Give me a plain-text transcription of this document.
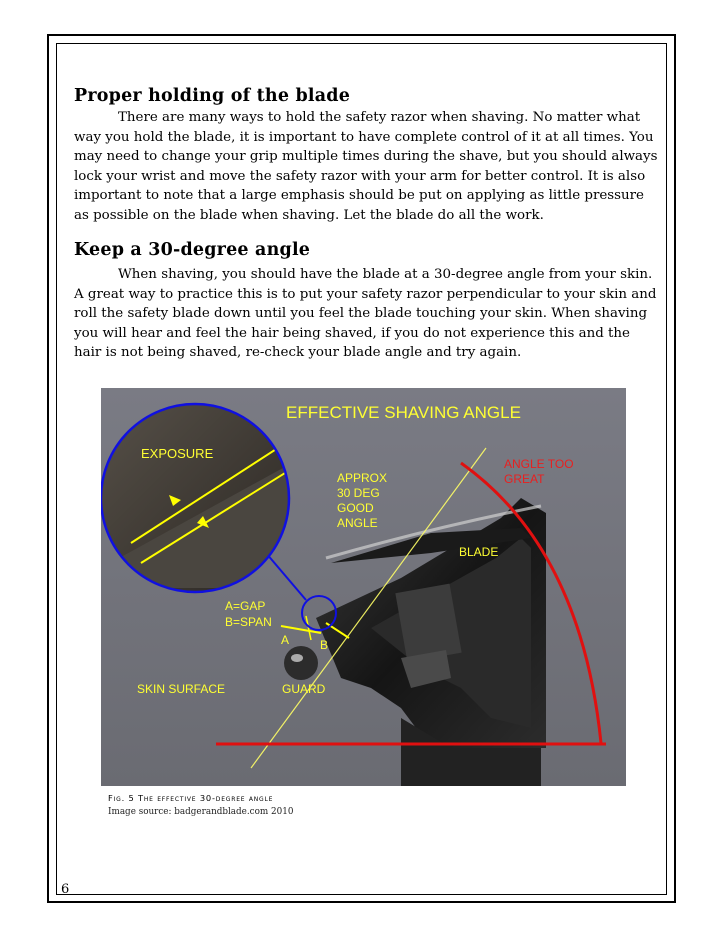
Proper holding of the blade

There are many ways to hold the safety razor when shaving. No matter what way you hold the blade, it is important to have complete control of it at all times. You may need to change your grip multiple times during the shave, but you should always lock your wrist and move the safety razor with your arm for better control. It is also important to note that a large emphasis should be put on applying as little pressure as possible on the blade when shaving. Let the blade do all the work.

Keep a 30-degree angle

When shaving, you should have the blade at a 30-degree angle from your skin. A great way to practice this is to put your safety razor perpendicular to your skin and roll the safety blade down until you feel the blade touching your skin. When shaving you will hear and feel the hair being shaved, if you do not experience this and the hair is not being shaved, re-check your blade angle and try again.

EFFECTIVE SHAVING ANGLE
EXPOSURE
ANGLE TOO
GREAT
APPROX
30 DEG
GOOD
ANGLE
BLADE
A=GAP
B=SPAN
A	B
SKIN SURFACE	GUARD
Fig. 5 The effective 30-degree angle
Image source: badgerandblade.com 2010
6
